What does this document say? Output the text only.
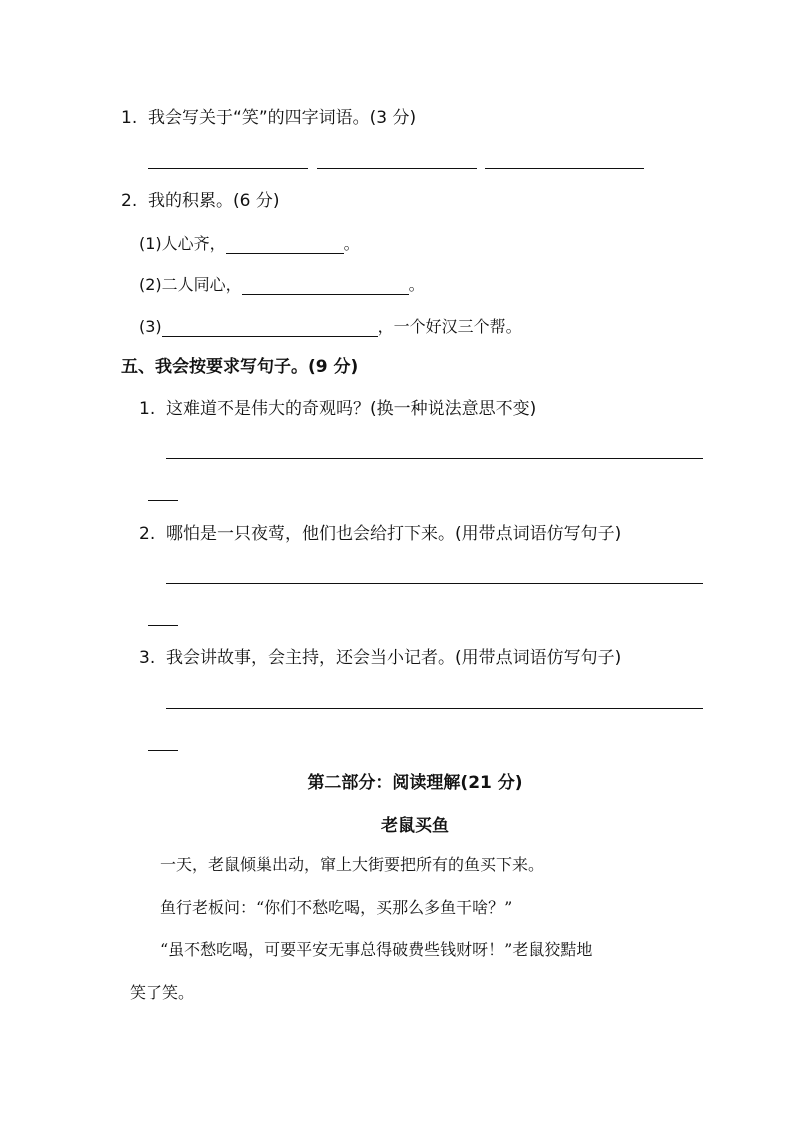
1. 我会写关于“笑”的四字词语。(3 分)
2. 我的积累。(6 分)
(1)人心齐，	。
(2)二人同心，	。
(3)	，一个好汉三个帮。
五、我会按要求写句子。(9 分)
1. 这难道不是伟大的奇观吗？(换一种说法意思不变)
2. 哪怕是一只夜莺，他们也会给打下来。(用带点词语仿写句子)
3. 我会讲故事，会主持，还会当小记者。(用带点词语仿写句子)
第二部分：阅读理解(21 分)
老鼠买鱼
一天，老鼠倾巢出动，窜上大街要把所有的鱼买下来。
鱼行老板问：“你们不愁吃喝，买那么多鱼干啥？”
“虽不愁吃喝，可要平安无事总得破费些钱财呀！”老鼠狡黠地
笑了笑。
